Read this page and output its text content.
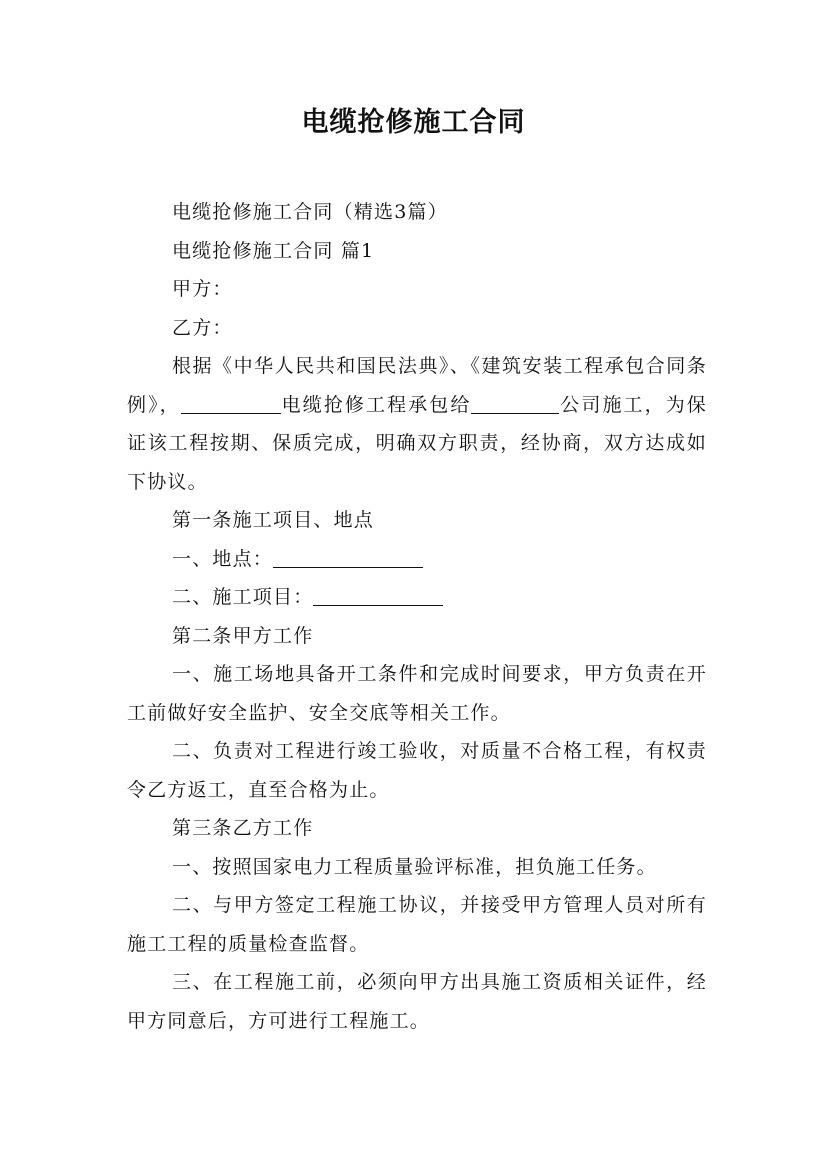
电缆抢修施工合同

电缆抢修施工合同（精选3篇）

电缆抢修施工合同 篇1

甲方：

乙方：

根据《中华人民共和国民法典》、《建筑安装工程承包合同条例》，	电缆抢修工程承包给	公司施工，为保证该工程按期、保质完成，明确双方职责，经协商，双方达成如下协议。

第一条施工项目、地点

一、地点：

二、施工项目：

第二条甲方工作

一、施工场地具备开工条件和完成时间要求，甲方负责在开工前做好安全监护、安全交底等相关工作。

二、负责对工程进行竣工验收，对质量不合格工程，有权责令乙方返工，直至合格为止。

第三条乙方工作

一、按照国家电力工程质量验评标准，担负施工任务。

二、与甲方签定工程施工协议，并接受甲方管理人员对所有施工工程的质量检查监督。

三、在工程施工前，必须向甲方出具施工资质相关证件，经甲方同意后，方可进行工程施工。
